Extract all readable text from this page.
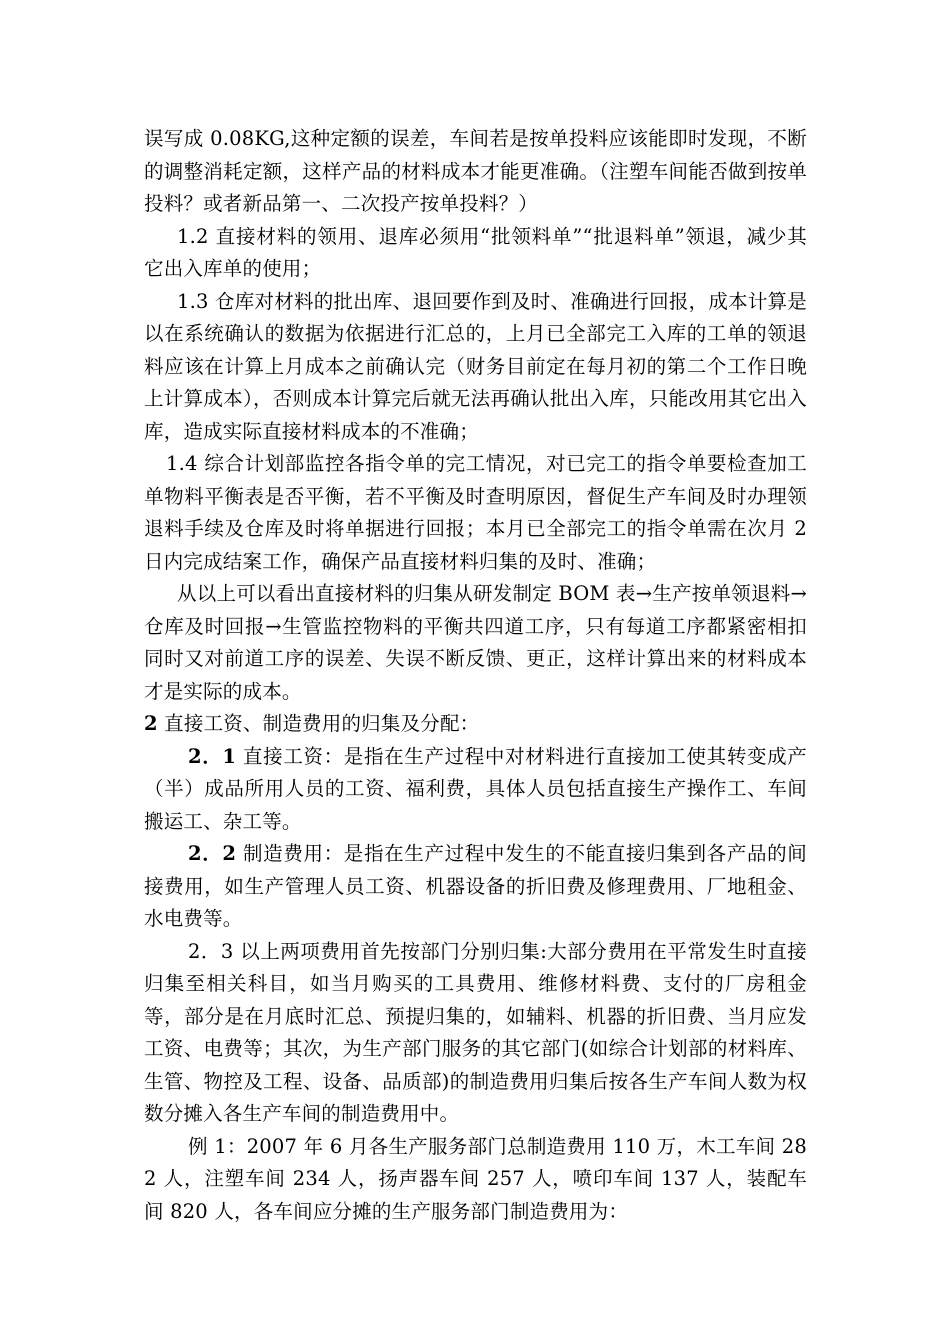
误写成 0.08KG,这种定额的误差，车间若是按单投料应该能即时发现，不断的调整消耗定额，这样产品的材料成本才能更准确。（注塑车间能否做到按单投料？或者新品第一、二次投产按单投料？）

1.2 直接材料的领用、退库必须用“批领料单”“批退料单”领退，减少其它出入库单的使用；

1.3 仓库对材料的批出库、退回要作到及时、准确进行回报，成本计算是以在系统确认的数据为依据进行汇总的，上月已全部完工入库的工单的领退料应该在计算上月成本之前确认完（财务目前定在每月初的第二个工作日晚上计算成本），否则成本计算完后就无法再确认批出入库，只能改用其它出入库，造成实际直接材料成本的不准确；

1.4 综合计划部监控各指令单的完工情况，对已完工的指令单要检查加工单物料平衡表是否平衡，若不平衡及时查明原因，督促生产车间及时办理领退料手续及仓库及时将单据进行回报；本月已全部完工的指令单需在次月 2 日内完成结案工作，确保产品直接材料归集的及时、准确；

从以上可以看出直接材料的归集从研发制定 BOM 表→生产按单领退料→仓库及时回报→生管监控物料的平衡共四道工序，只有每道工序都紧密相扣同时又对前道工序的误差、失误不断反馈、更正，这样计算出来的材料成本才是实际的成本。

2 直接工资、制造费用的归集及分配：

2．1 直接工资：是指在生产过程中对材料进行直接加工使其转变成产（半）成品所用人员的工资、福利费，具体人员包括直接生产操作工、车间搬运工、杂工等。

2．2 制造费用：是指在生产过程中发生的不能直接归集到各产品的间接费用，如生产管理人员工资、机器设备的折旧费及修理费用、厂地租金、水电费等。

2．3 以上两项费用首先按部门分别归集:大部分费用在平常发生时直接归集至相关科目，如当月购买的工具费用、维修材料费、支付的厂房租金等，部分是在月底时汇总、预提归集的，如辅料、机器的折旧费、当月应发工资、电费等；其次，为生产部门服务的其它部门(如综合计划部的材料库、生管、物控及工程、设备、品质部)的制造费用归集后按各生产车间人数为权数分摊入各生产车间的制造费用中。

例 1：2007 年 6 月各生产服务部门总制造费用 110 万，木工车间 282 人，注塑车间 234 人，扬声器车间 257 人，喷印车间 137 人，装配车间 820 人，各车间应分摊的生产服务部门制造费用为：
